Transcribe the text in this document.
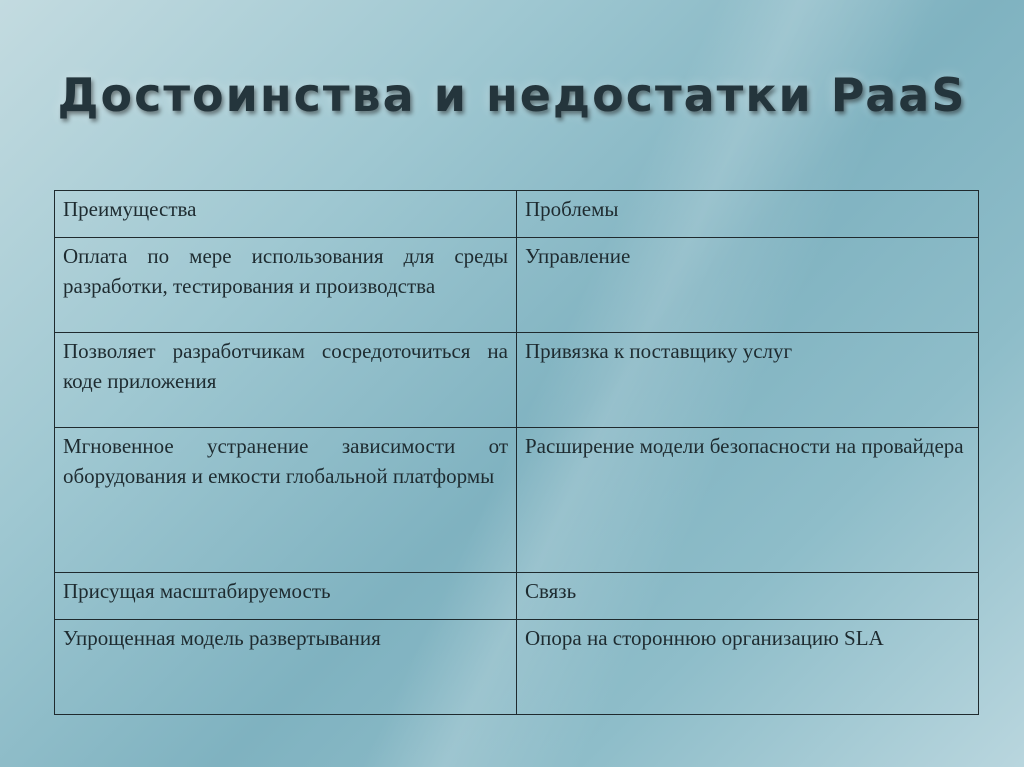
Достоинства и недостатки PaaS
Преимущества	Проблемы

Оплата по мере использования для среды разработки, тестирования и производства	Управление

Позволяет разработчикам сосредоточиться на коде приложения	Привязка к поставщику услуг

Мгновенное устранение зависимости от оборудования и емкости глобальной платформы	Расширение модели безопасности на провайдера

Присущая масштабируемость	Связь

Упрощенная модель развертывания	Опора на стороннюю организацию SLA
